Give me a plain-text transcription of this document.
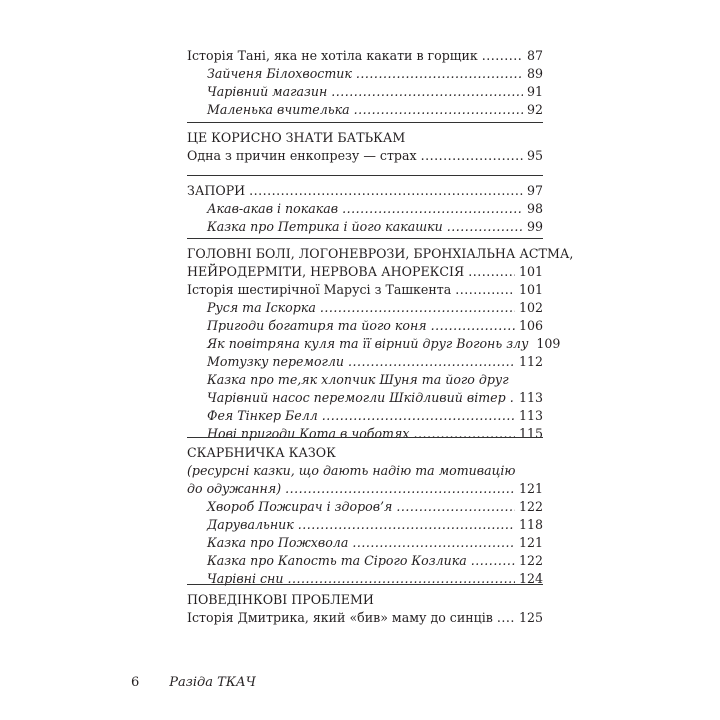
Історія Тані, яка не хотіла какати в горщик .....	87
Зайченя Білохвостик .....	89
Чарівний магазин .....	91
Маленька вчителька .....	92
ЦЕ КОРИСНО ЗНАТИ БАТЬКАМ
Одна з причин енкопрезу — страх .....	95
ЗАПОРИ .....	97
Акав-акав і покакав .....	98
Казка про Петрика і його какашки .....	99
ГОЛОВНІ БОЛІ, ЛОГОНЕВРОЗИ, БРОНХІАЛЬНА АСТМА,
НЕЙРОДЕРМІТИ, НЕРВОВА АНОРЕКСІЯ .....	101
Історія шестирічної Марусі з Ташкента .....	101
Руся та Іскорка .....	102
Пригоди богатиря та його коня .....	106
Як повітряна куля та її вірний друг Вогонь злу 109
Мотузку перемогли .....	112
Казка про те,як хлопчик Шуня та його друг
Чарівний насос перемогли Шкідливий вітер ..... 113
Фея Тінкер Белл .....	113
Нові пригоди Кота в чоботях .....	115
СКАРБНИЧКА КАЗОК
(ресурсні казки, що дають надію та мотивацію
до одужання) .....	121
Хвороб Пожирач і здоров’я .....	122
Дарувальник .....	118
Казка про Пожхвола .....	121
Казка про Капость та Сірого Козлика .....	122
Чарівні сни .....	124
ПОВЕДІНКОВІ ПРОБЛЕМИ
Історія Дмитрика, який «бив» маму до синців ..... 125
6 Разіда ТКАЧ
